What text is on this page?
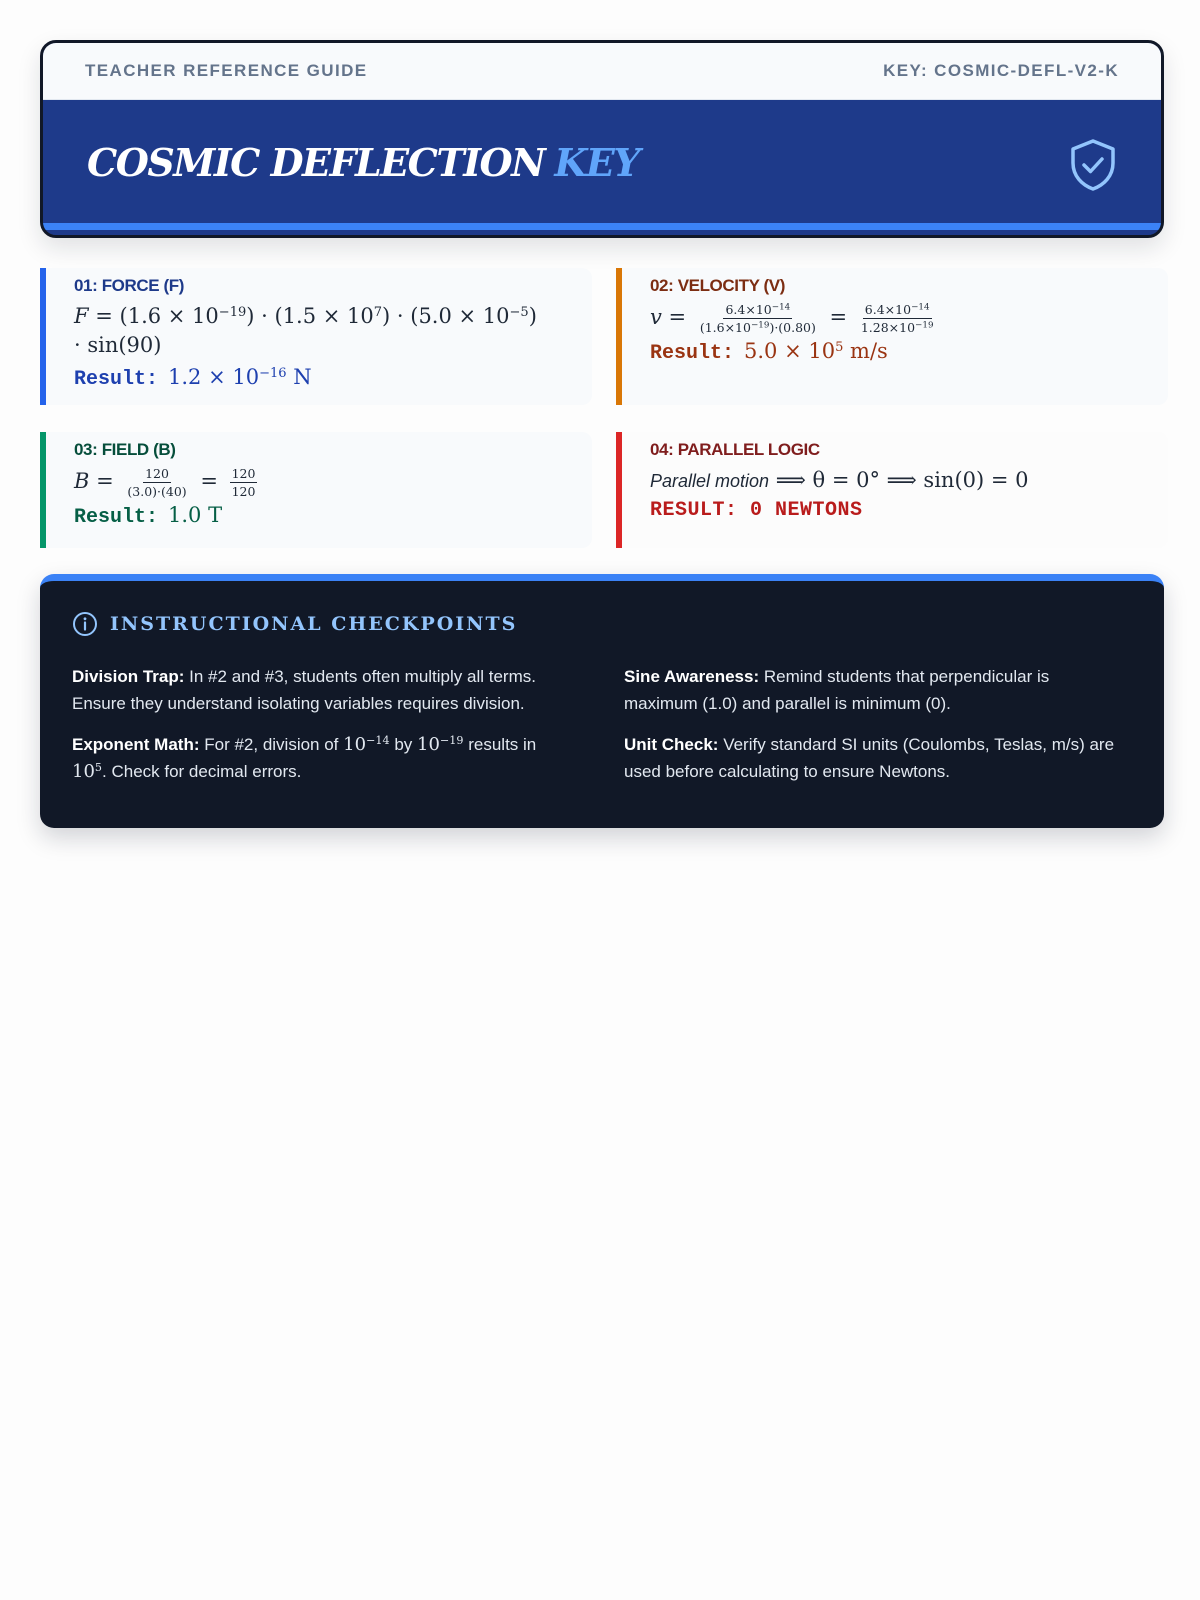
TEACHER REFERENCE GUIDE	KEY: COSMIC-DEFL-V2-K
COSMIC DEFLECTION KEY
01: FORCE (F)
$F = (1.6 \times 10^{-19}) \cdot (1.5 \times 10^7) \cdot (5.0 \times 10^{-5})$
· sin(90)
Result: $1.2 \times 10^{-16}$ N
02: VELOCITY (V)
$v = \frac{6.4\times 10^{-14}}{(1.6\times 10^{-19})\cdot(0.80)} = \frac{6.4\times 10^{-14}}{1.28\times 10^{-19}}$
Result: $5.0 \times 10^5$ m/s
03: FIELD (B)
$B = \frac{120}{(3.0)\cdot(40)} = \frac{120}{120}$
Result: 1.0 T
04: PARALLEL LOGIC
Parallel motion ⟹ θ = 0° ⟹ sin(0) = 0
RESULT: 0 NEWTONS
INSTRUCTIONAL CHECKPOINTS

Division Trap: In #2 and #3, students often multiply all terms. Ensure they understand isolating variables requires division.

Exponent Math: For #2, division of $10^{-14}$ by $10^{-19}$ results in $10^5$. Check for decimal errors.

Sine Awareness: Remind students that perpendicular is maximum (1.0) and parallel is minimum (0).

Unit Check: Verify standard SI units (Coulombs, Teslas, m/s) are used before calculating to ensure Newtons.
